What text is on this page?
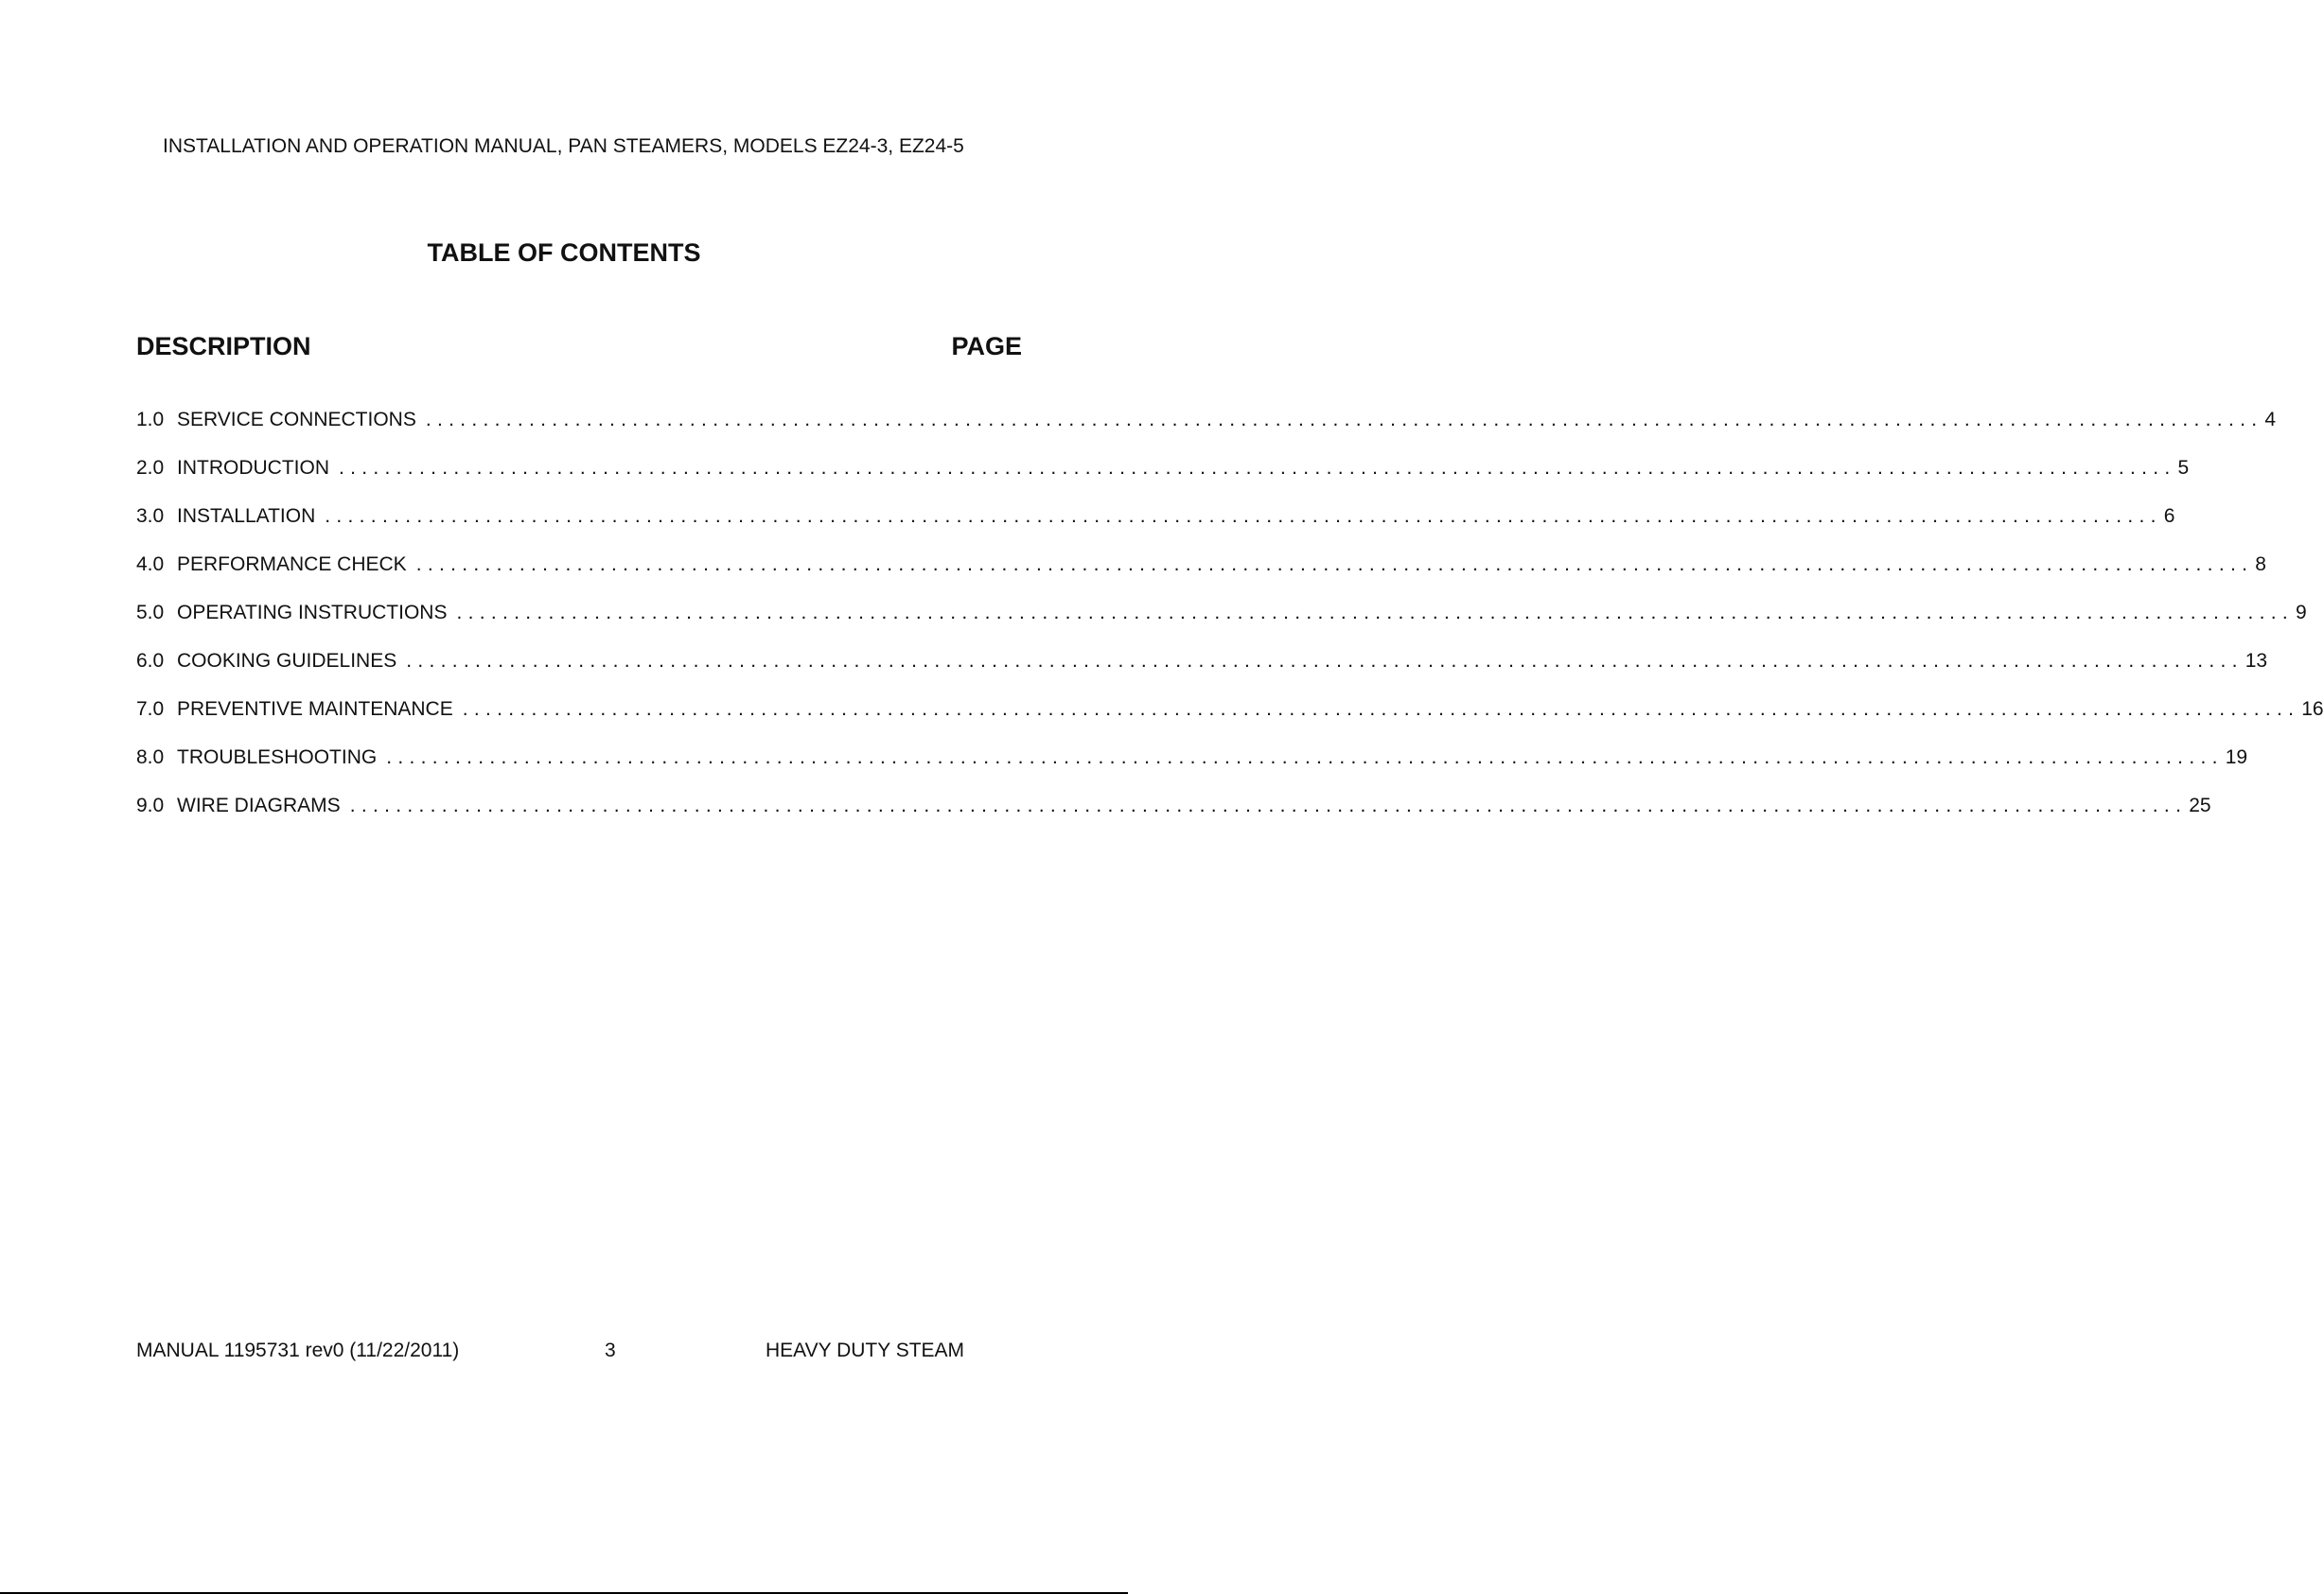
INSTALLATION AND OPERATION MANUAL, PAN STEAMERS, MODELS EZ24-3, EZ24-5
TABLE OF CONTENTS
DESCRIPTION	PAGE
1.0 SERVICE CONNECTIONS ................................................................................................................................................................ 4
2.0 INTRODUCTION ................................................................................................................................................................ 5
3.0 INSTALLATION ................................................................................................................................................................ 6
4.0 PERFORMANCE CHECK ................................................................................................................................................................ 8
5.0 OPERATING INSTRUCTIONS ................................................................................................................................................................ 9
6.0 COOKING GUIDELINES ................................................................................................................................................................ 13
7.0 PREVENTIVE MAINTENANCE ................................................................................................................................................................ 16
8.0 TROUBLESHOOTING ................................................................................................................................................................ 19
9.0 WIRE DIAGRAMS ................................................................................................................................................................ 25
MANUAL 1195731 rev0 (11/22/2011)	3	HEAVY DUTY STEAM
